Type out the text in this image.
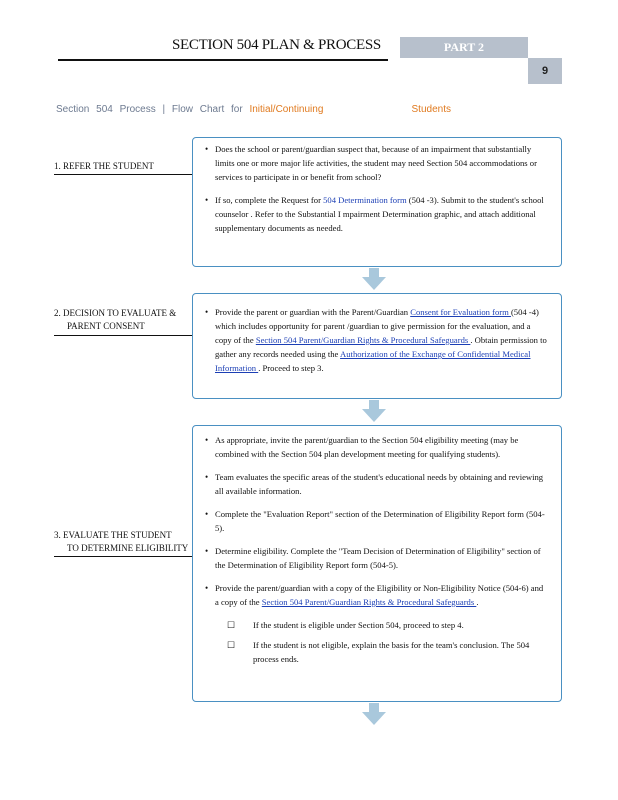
SECTION 504 PLAN & PROCESS	PART 2
9
Section 504 Process | Flow Chart for Initial/Continuing	Students
1. REFER THE STUDENT
• Does the school or parent/guardian suspect that, because of an impairment that substantially limits one or more major life activities, the student may need Section 504 accommodations or services to participate in or benefit from school?
• If so, complete the Request for 504 Determination form (504 -3). Submit to the student's school counselor . Refer to the Substantial I mpairment Determination graphic, and attach additional supplementary documents as needed.
2. DECISION TO EVALUATE &
PARENT CONSENT
• Provide the parent or guardian with the Parent/Guardian Consent for Evaluation form (504 -4) which includes opportunity for parent /guardian to give permission for the evaluation, and a copy of the Section 504 Parent/Guardian Rights & Procedural Safeguards . Obtain permission to gather any records needed using the Authorization of the Exchange of Confidential Medical Information . Proceed to step 3.
3. EVALUATE THE STUDENT
TO DETERMINE ELIGIBILITY
• As appropriate, invite the parent/guardian to the Section 504 eligibility meeting (may be combined with the Section 504 plan development meeting for qualifying students).
• Team evaluates the specific areas of the student's educational needs by obtaining and reviewing all available information.
• Complete the "Evaluation Report" section of the Determination of Eligibility Report form (504-5).
• Determine eligibility. Complete the "Team Decision of Determination of Eligibility" section of the Determination of Eligibility Report form (504-5).
• Provide the parent/guardian with a copy of the Eligibility or Non-Eligibility Notice (504-6) and a copy of the Section 504 Parent/Guardian Rights & Procedural Safeguards .
☐ If the student is eligible under Section 504, proceed to step 4.
☐ If the student is not eligible, explain the basis for the team's conclusion. The 504 process ends.
